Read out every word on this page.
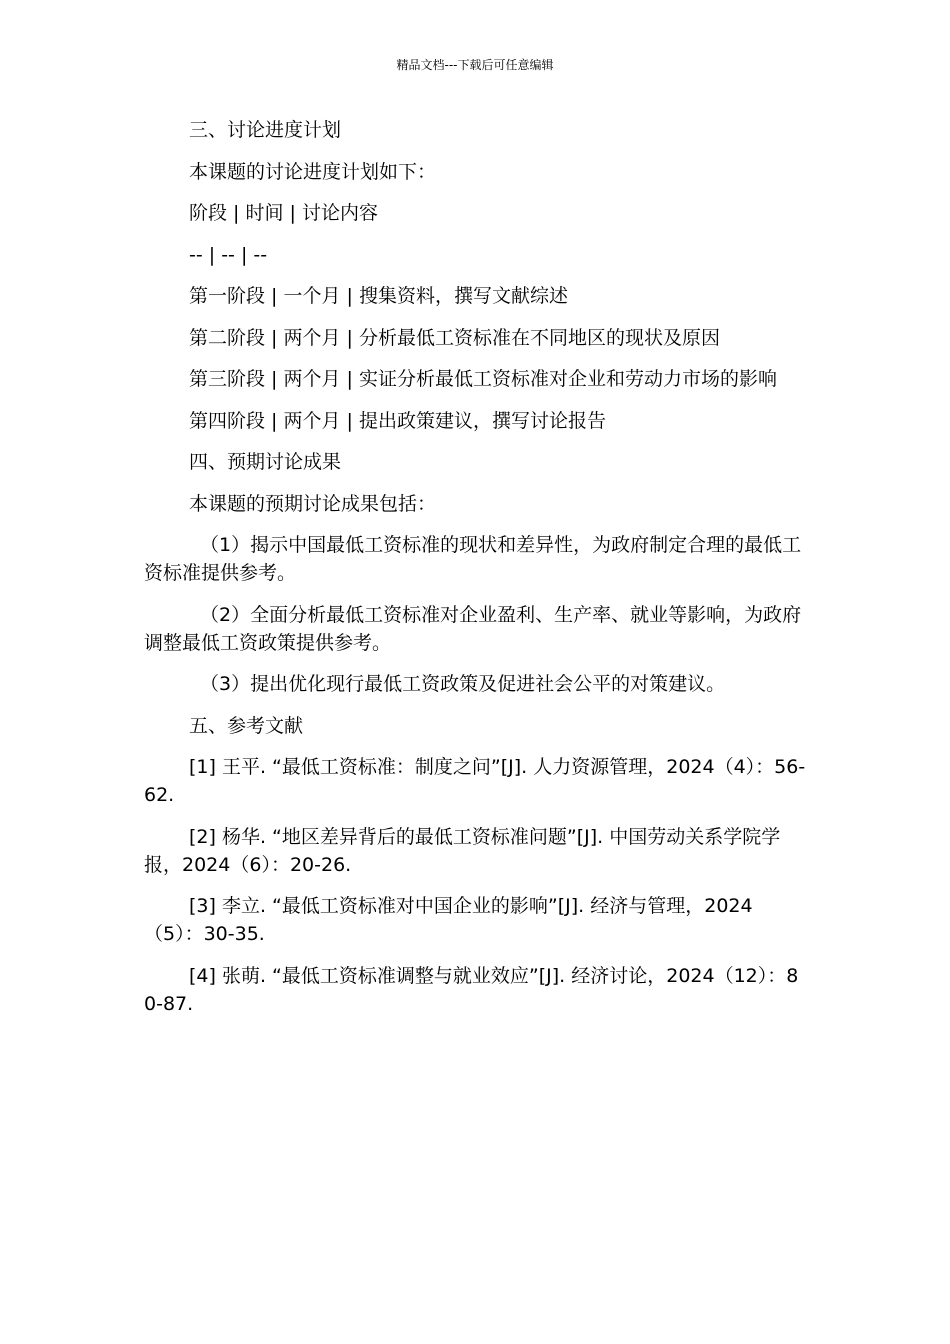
精品文档---下载后可任意编辑

三、讨论进度计划

本课题的讨论进度计划如下：

阶段 | 时间 | 讨论内容

-- | -- | --

第一阶段 | 一个月 | 搜集资料，撰写文献综述

第二阶段 | 两个月 | 分析最低工资标准在不同地区的现状及原因

第三阶段 | 两个月 | 实证分析最低工资标准对企业和劳动力市场的影响

第四阶段 | 两个月 | 提出政策建议，撰写讨论报告

四、预期讨论成果

本课题的预期讨论成果包括：

（1）揭示中国最低工资标准的现状和差异性，为政府制定合理的最低工资标准提供参考。

（2）全面分析最低工资标准对企业盈利、生产率、就业等影响，为政府调整最低工资政策提供参考。

（3）提出优化现行最低工资政策及促进社会公平的对策建议。

五、参考文献

[1] 王平. “最低工资标准：制度之问”[J]. 人力资源管理，2024（4）：56-62.

[2] 杨华. “地区差异背后的最低工资标准问题”[J]. 中国劳动关系学院学报，2024（6）：20-26.

[3] 李立. “最低工资标准对中国企业的影响”[J]. 经济与管理，2024（5）：30-35.

[4] 张萌. “最低工资标准调整与就业效应”[J]. 经济讨论，2024（12）：80-87.
